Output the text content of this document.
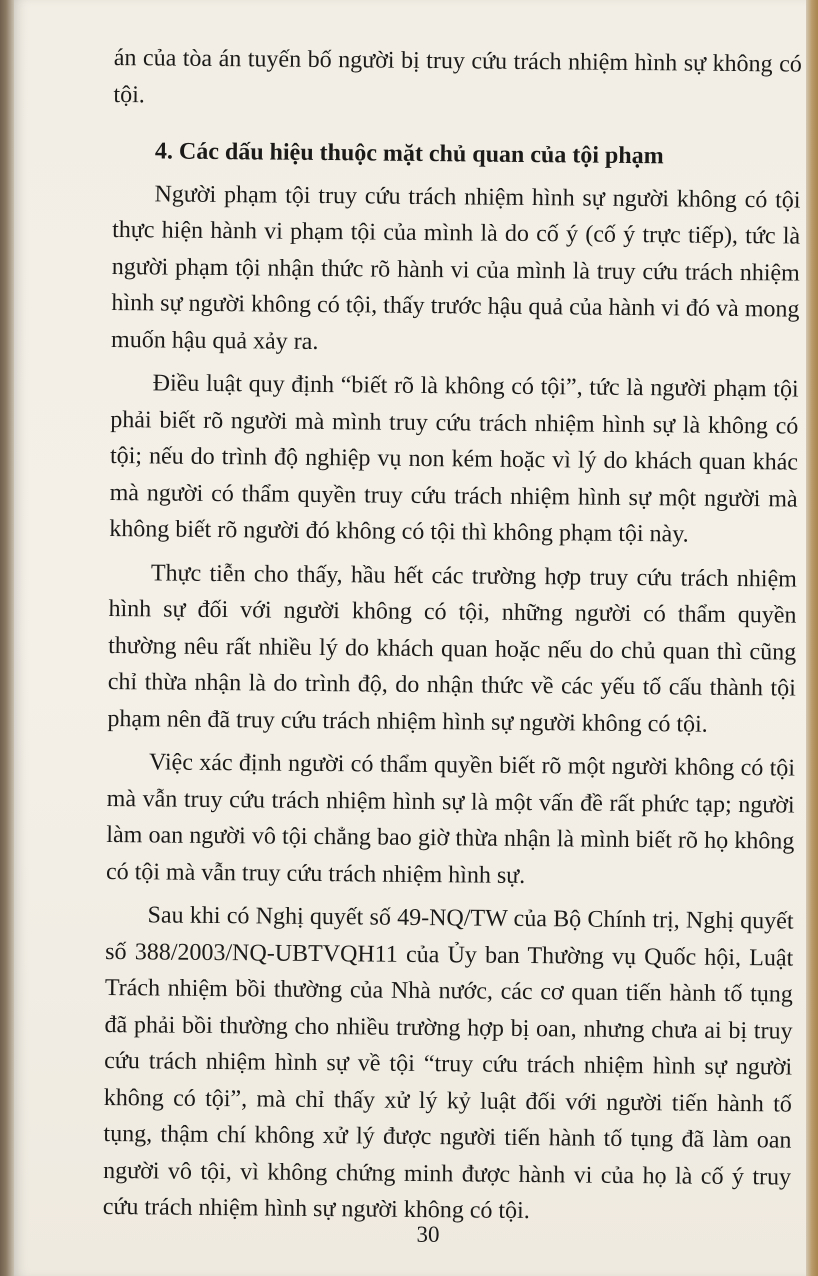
án của tòa án tuyến bố người bị truy cứu trách nhiệm hình sự không có tội.

4. Các dấu hiệu thuộc mặt chủ quan của tội phạm

Người phạm tội truy cứu trách nhiệm hình sự người không có tội thực hiện hành vi phạm tội của mình là do cố ý (cố ý trực tiếp), tức là người phạm tội nhận thức rõ hành vi của mình là truy cứu trách nhiệm hình sự người không có tội, thấy trước hậu quả của hành vi đó và mong muốn hậu quả xảy ra.

Điều luật quy định “biết rõ là không có tội”, tức là người phạm tội phải biết rõ người mà mình truy cứu trách nhiệm hình sự là không có tội; nếu do trình độ nghiệp vụ non kém hoặc vì lý do khách quan khác mà người có thẩm quyền truy cứu trách nhiệm hình sự một người mà không biết rõ người đó không có tội thì không phạm tội này.

Thực tiễn cho thấy, hầu hết các trường hợp truy cứu trách nhiệm hình sự đối với người không có tội, những người có thẩm quyền thường nêu rất nhiều lý do khách quan hoặc nếu do chủ quan thì cũng chỉ thừa nhận là do trình độ, do nhận thức về các yếu tố cấu thành tội phạm nên đã truy cứu trách nhiệm hình sự người không có tội.

Việc xác định người có thẩm quyền biết rõ một người không có tội mà vẫn truy cứu trách nhiệm hình sự là một vấn đề rất phức tạp; người làm oan người vô tội chẳng bao giờ thừa nhận là mình biết rõ họ không có tội mà vẫn truy cứu trách nhiệm hình sự.

Sau khi có Nghị quyết số 49-NQ/TW của Bộ Chính trị, Nghị quyết số 388/2003/NQ-UBTVQH11 của Ủy ban Thường vụ Quốc hội, Luật Trách nhiệm bồi thường của Nhà nước, các cơ quan tiến hành tố tụng đã phải bồi thường cho nhiều trường hợp bị oan, nhưng chưa ai bị truy cứu trách nhiệm hình sự về tội “truy cứu trách nhiệm hình sự người không có tội”, mà chỉ thấy xử lý kỷ luật đối với người tiến hành tố tụng, thậm chí không xử lý được người tiến hành tố tụng đã làm oan người vô tội, vì không chứng minh được hành vi của họ là cố ý truy cứu trách nhiệm hình sự người không có tội.

30
